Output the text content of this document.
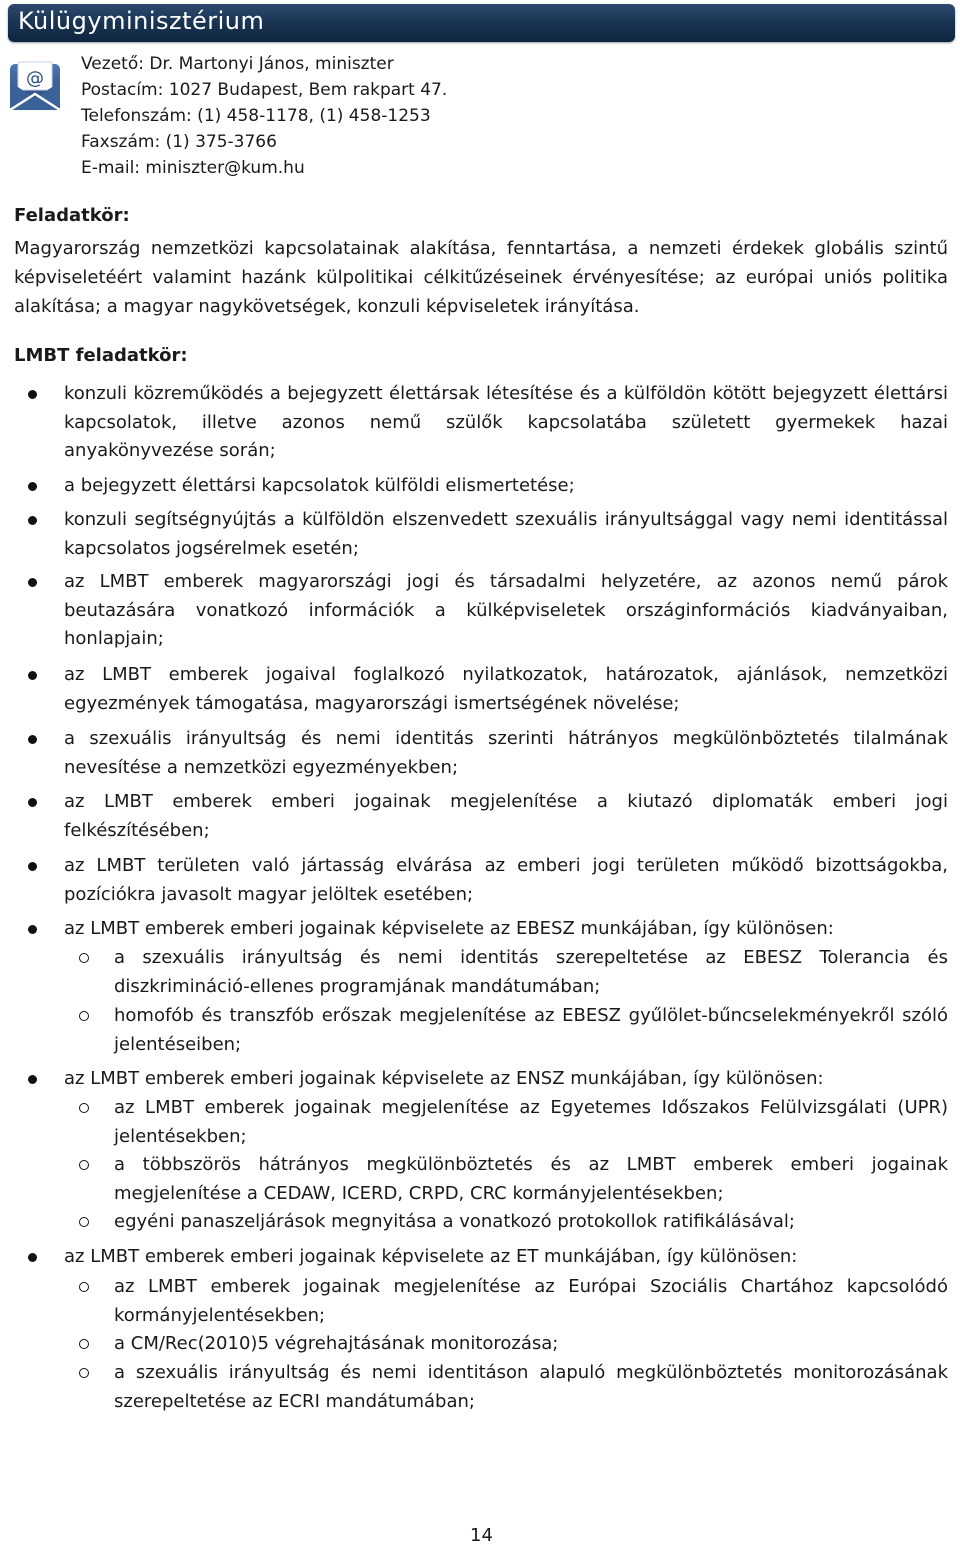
Külügyminisztérium
@
Vezető: Dr. Martonyi János, miniszter
Postacím: 1027 Budapest, Bem rakpart 47.
Telefonszám: (1) 458-1178, (1) 458-1253
Faxszám: (1) 375-3766
E-mail: miniszter@kum.hu
Feladatkör:
Magyarország nemzetközi kapcsolatainak alakítása, fenntartása, a nemzeti érdekek globális szintű képviseletéért valamint hazánk külpolitikai célkitűzéseinek érvényesítése; az európai uniós politika alakítása; a magyar nagykövetségek, konzuli képviseletek irányítása.
LMBT feladatkör:
konzuli közreműködés a bejegyzett élettársak létesítése és a külföldön kötött bejegyzett élettársi kapcsolatok, illetve azonos nemű szülők kapcsolatába született gyermekek hazai anyakönyvezése során;
a bejegyzett élettársi kapcsolatok külföldi elismertetése;
konzuli segítségnyújtás a külföldön elszenvedett szexuális irányultsággal vagy nemi identitással kapcsolatos jogsérelmek esetén;
az LMBT emberek magyarországi jogi és társadalmi helyzetére, az azonos nemű párok beutazására vonatkozó információk a külképviseletek országinformációs kiadványaiban, honlapjain;
az LMBT emberek jogaival foglalkozó nyilatkozatok, határozatok, ajánlások, nemzetközi egyezmények támogatása, magyarországi ismertségének növelése;
a szexuális irányultság és nemi identitás szerinti hátrányos megkülönböztetés tilalmának nevesítése a nemzetközi egyezményekben;
az LMBT emberek emberi jogainak megjelenítése a kiutazó diplomaták emberi jogi felkészítésében;
az LMBT területen való jártasság elvárása az emberi jogi területen működő bizottságokba, pozíciókra javasolt magyar jelöltek esetében;
az LMBT emberek emberi jogainak képviselete az EBESZ munkájában, így különösen:
a szexuális irányultság és nemi identitás szerepeltetése az EBESZ Tolerancia és diszkrimináció-ellenes programjának mandátumában;
homofób és transzfób erőszak megjelenítése az EBESZ gyűlölet-bűncselekményekről szóló jelentéseiben;
az LMBT emberek emberi jogainak képviselete az ENSZ munkájában, így különösen:
az LMBT emberek jogainak megjelenítése az Egyetemes Időszakos Felülvizsgálati (UPR) jelentésekben;
a többszörös hátrányos megkülönböztetés és az LMBT emberek emberi jogainak megjelenítése a CEDAW, ICERD, CRPD, CRC kormányjelentésekben;
egyéni panaszeljárások megnyitása a vonatkozó protokollok ratifikálásával;
az LMBT emberek emberi jogainak képviselete az ET munkájában, így különösen:
az LMBT emberek jogainak megjelenítése az Európai Szociális Chartához kapcsolódó kormányjelentésekben;
a CM/Rec(2010)5 végrehajtásának monitorozása;
a szexuális irányultság és nemi identitáson alapuló megkülönböztetés monitorozásának szerepeltetése az ECRI mandátumában;
14
